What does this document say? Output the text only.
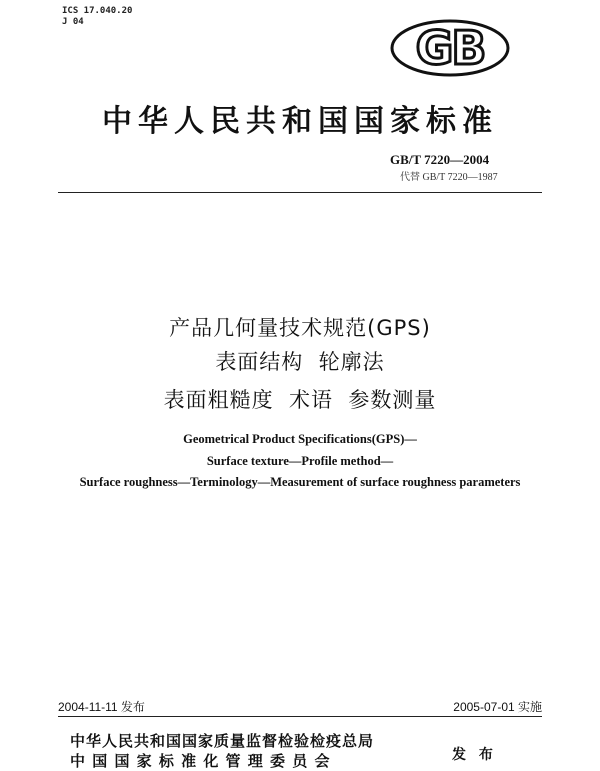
ICS 17.040.20
J 04	GB
中华人民共和国国家标准
GB/T 7220—2004
代替 GB/T 7220—1987
产品几何量技术规范(GPS)
表面结构  轮廓法
表面粗糙度  术语  参数测量
Geometrical Product Specifications(GPS)—
Surface texture—Profile method—
Surface roughness—Terminology—Measurement of surface roughness parameters
2004-11-11 发布	2005-07-01 实施
中华人民共和国国家质量监督检验检疫总局
中 国 国 家 标 准 化 管 理 委 员 会	发 布
